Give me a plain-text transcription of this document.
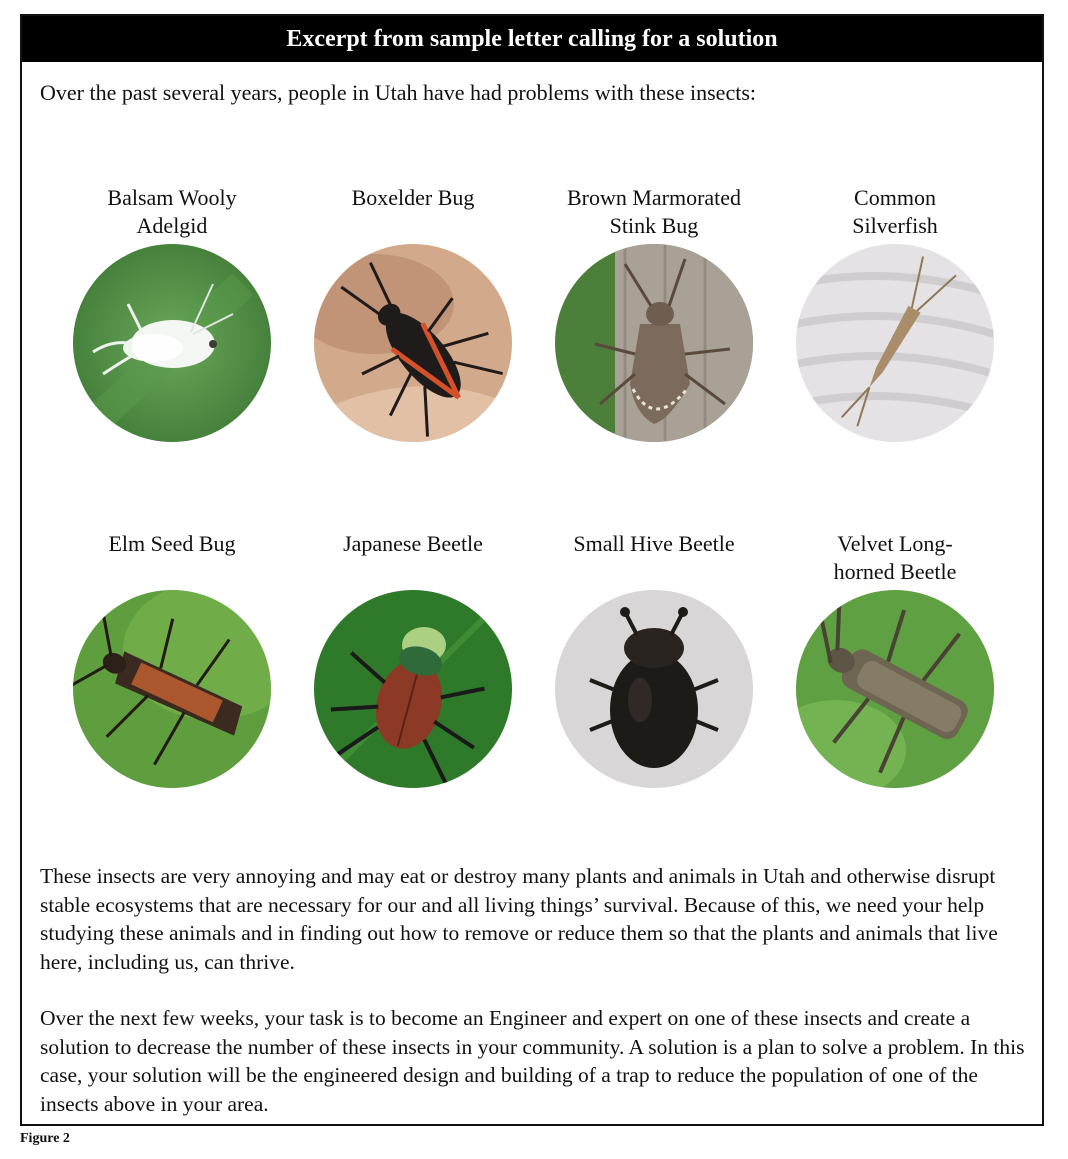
Excerpt from sample letter calling for a solution
Over the past several years, people in Utah have had problems with these insects:
Balsam Wooly
Adelgid
Boxelder Bug	Brown Marmorated
Stink Bug
Common
Silverfish
Elm Seed Bug	Japanese Beetle	Small Hive Beetle	Velvet Long-
horned Beetle
These insects are very annoying and may eat or destroy many plants and animals in Utah and otherwise disrupt stable ecosystems that are necessary for our and all living things’ survival. Because of this, we need your help studying these animals and in finding out how to remove or reduce them so that the plants and animals that live here, including us, can thrive.
Over the next few weeks, your task is to become an Engineer and expert on one of these insects and create a solution to decrease the number of these insects in your community. A solution is a plan to solve a problem. In this case, your solution will be the engineered design and building of a trap to reduce the population of one of the insects above in your area.
Figure 2
